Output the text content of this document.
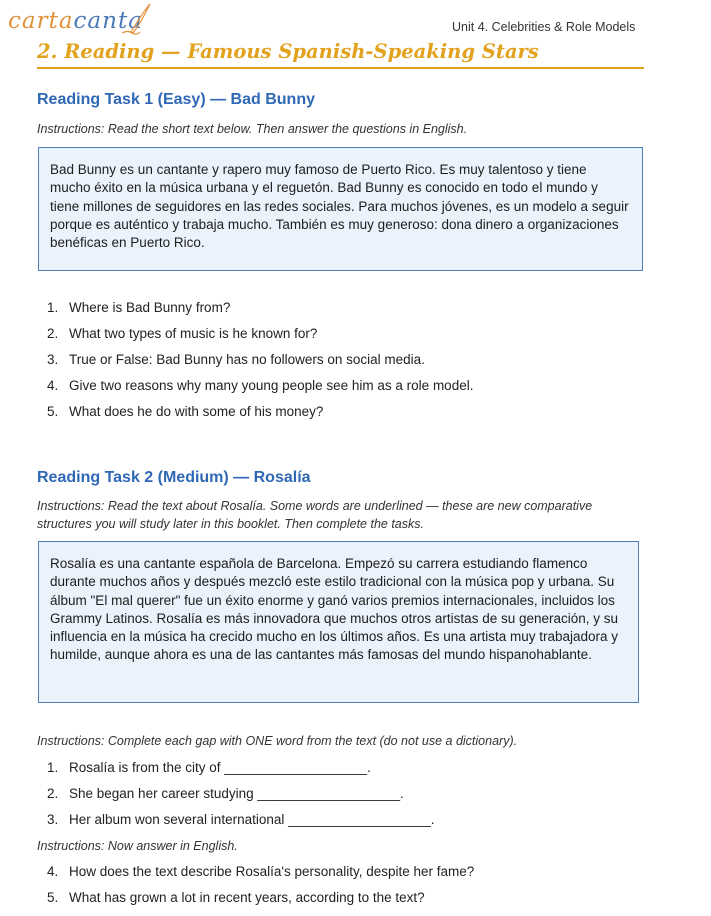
cartacanta	Unit 4. Celebrities & Role Models
2. Reading — Famous Spanish-Speaking Stars
Reading Task 1 (Easy) — Bad Bunny

Instructions: Read the short text below. Then answer the questions in English.

Bad Bunny es un cantante y rapero muy famoso de Puerto Rico. Es muy talentoso y tiene mucho éxito en la música urbana y el reguetón. Bad Bunny es conocido en todo el mundo y tiene millones de seguidores en las redes sociales. Para muchos jóvenes, es un modelo a seguir porque es auténtico y trabaja mucho. También es muy generoso: dona dinero a organizaciones benéficas en Puerto Rico.
1. Where is Bad Bunny from?
2. What two types of music is he known for?
3. True or False: Bad Bunny has no followers on social media.
4. Give two reasons why many young people see him as a role model.
5. What does he do with some of his money?
Reading Task 2 (Medium) — Rosalía

Instructions: Read the text about Rosalía. Some words are underlined — these are new comparative structures you will study later in this booklet. Then complete the tasks.

Rosalía es una cantante española de Barcelona. Empezó su carrera estudiando flamenco durante muchos años y después mezcló este estilo tradicional con la música pop y urbana. Su álbum "El mal querer" fue un éxito enorme y ganó varios premios internacionales, incluidos los Grammy Latinos. Rosalía es más innovadora que muchos otros artistas de su generación, y su influencia en la música ha crecido mucho en los últimos años. Es una artista muy trabajadora y humilde, aunque ahora es una de las cantantes más famosas del mundo hispanohablante.

Instructions: Complete each gap with ONE word from the text (do not use a dictionary).

1. Rosalía is from the city of ___________________.
2. She began her career studying ___________________.
3. Her album won several international ___________________.

Instructions: Now answer in English.

4. How does the text describe Rosalía's personality, despite her fame?
5. What has grown a lot in recent years, according to the text?
